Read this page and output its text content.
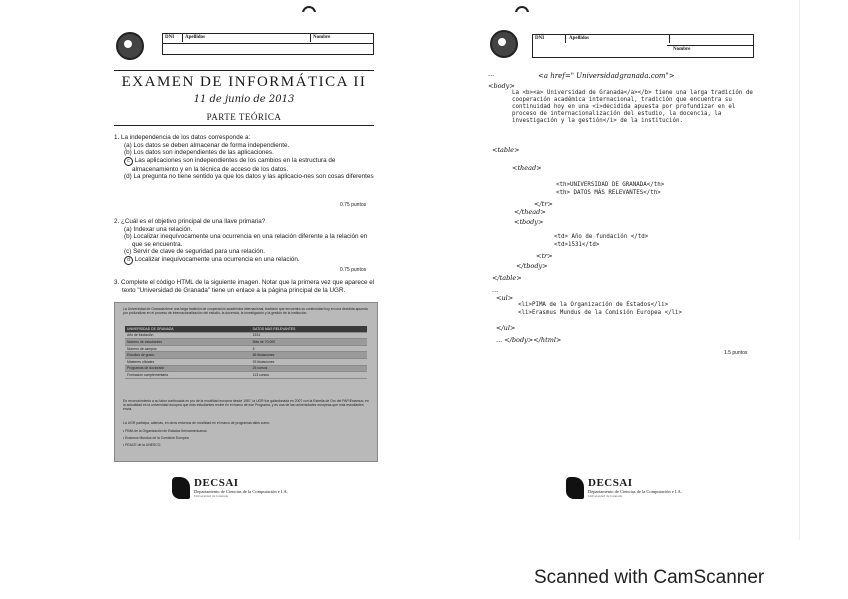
DNI	Apellidos	Nombre
EXAMEN DE INFORMÁTICA II
11 de junio de 2013
PARTE TEÓRICA
1. La independencia de los datos corresponde a:
(a) Los datos se deben almacenar de forma independiente.
(b) Los datos son independientes de las aplicaciones.
c Las aplicaciones son independientes de los cambios en la estructura de almacenamiento y en la técnica de acceso de los datos.
(d) La pregunta no tiene sentido ya que los datos y las aplicacio-nes son cosas diferentes
0.75 puntos
2. ¿Cuál es el objetivo principal de una llave primaria?
(a) Indexar una relación.
(b) Localizar inequívocamente una ocurrencia en una relación diferente a la relación en que se encuentra.
(c) Servir de clave de seguridad para una relación.
d Localizar inequívocamente una ocurrencia en una relación.
0.75 puntos
3. Complete el código HTML de la siguiente imagen. Notar que la primera vez que aparece el texto "Universidad de Granada" tiene un enlace a la página principal de la UGR.
La Universidad de Granada tiene una larga tradición de cooperación académica internacional, tradición que encuentra su continuidad hoy en una decidida apuesta por profundizar en el proceso de internacionalización del estudio, la docencia, la investigación y la gestión de la institución.
UNIVERSIDAD DE GRANADA	DATOS MÁS RELEVANTES
Año de fundación	1531
Número de estudiantes	Más de 70.000
Número de campus	5
Estudios de grado	65 titulaciones
Másteres oficiales	93 titulaciones
Programas de doctorado	25 cursos
Formación complementaria	113 cursos
En reconocimiento a su labor continuada en pro de la movilidad europea desde 1987, la UGR fue galardonada en 2007 con la Estrella de Oro del PAP/Erasmus; en la actualidad es la universidad europea que más estudiantes recibe en el marco de ese Programa, y es una de las universidades europeas que más estudiantes envía.
La UGR participa, además, en otros entornos de movilidad en el marco de programas tales como:
• PIMA de la Organización de Estados Iberoamericanos
• Erasmus Mundus de la Comisión Europea
• PEACE de la UNESCO
DECSAI
Departamento de Ciencias de la Computación e I.A.
Universidad de Granada
DNI	Apellidos
Nombre
...	<a href=" Universidadgranada.com">
<body>
La <b><a> Universidad de Granada</a></b> tiene una larga tradición de cooperación académica internacional, tradición que encuentra su continuidad hoy en una <i>decidida apuesta por profundizar en el proceso de internacionalización del estudio, la docencia, la investigación y la gestión</i> de la institución.
<table>
<thead>
<th>UNIVERSIDAD DE GRANADA</th>
<th> DATOS MÁS RELEVANTES</th>
</tr>
</thead>
<tbody>
<td> Año de fundación </td>
<td>1531</td>
<tr>
</tbody>
</table>
...
<ul>
<li>PIMA de la Organización de Estados</li>
<li>Erasmus Mundus de la Comisión Europea </li>
</ul>
... </body></html>
1.5 puntos
DECSAI
Departamento de Ciencias de la Computación e I.A.
Universidad de Granada
Scanned with CamScanner
